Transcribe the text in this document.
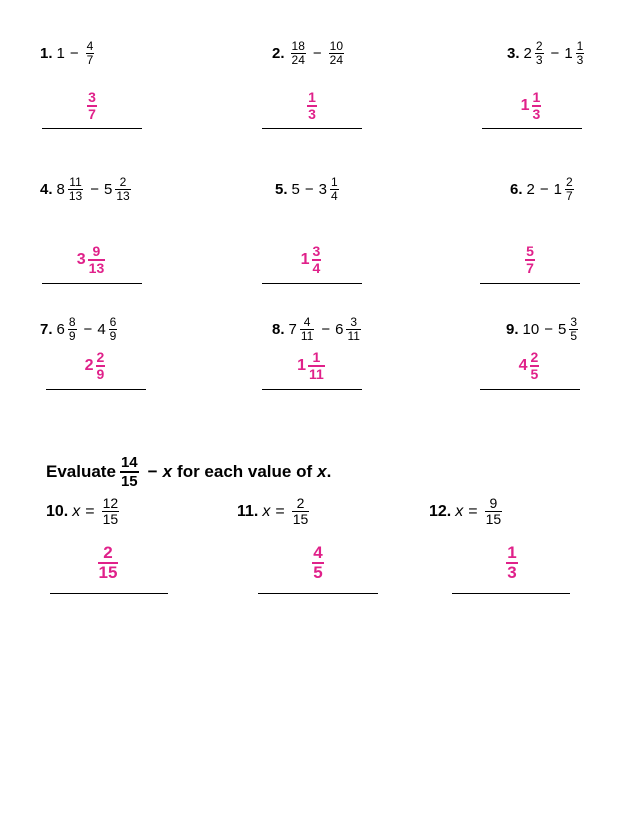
1. $1 - \frac{4}{7}$
$\frac{3}{7}$
2. $\frac{18}{24} - \frac{10}{24}$
$\frac{1}{3}$
3. $2 \frac{2}{3} - 1 \frac{1}{3}$
$1 \frac{1}{3}$
4. $8 \frac{11}{13} - 5 \frac{2}{13}$
$3 \frac{9}{13}$
5. $5 - 3 \frac{1}{4}$
$1 \frac{3}{4}$
6. $2 - 1 \frac{2}{7}$
$\frac{5}{7}$
7. $6 \frac{8}{9} - 4 \frac{6}{9}$
$2 \frac{2}{9}$
8. $7 \frac{4}{11} - 6 \frac{3}{11}$
$1 \frac{1}{11}$
9. $10 - 5 \frac{3}{5}$
$4 \frac{2}{5}$
Evaluate $\frac{14}{15} - x$ for each value of x .
10. $x = \frac{12}{15}$
$\frac{2}{15}$
11. $x = \frac{2}{15}$
$\frac{4}{5}$
12. $x = \frac{9}{15}$
$\frac{1}{3}$
